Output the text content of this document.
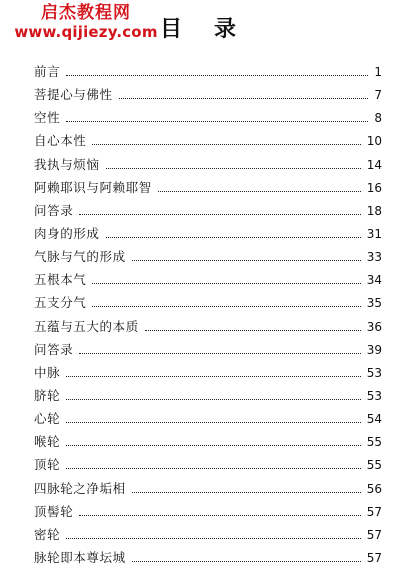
启杰教程网
www.qijiezy.com 目 录
前言	1
菩提心与佛性	7
空性	8
自心本性	10
我执与烦恼	14
阿赖耶识与阿赖耶智	16
问答录	18
肉身的形成	31
气脉与气的形成	33
五根本气	34
五支分气	35
五蕴与五大的本质	36
问答录	39
中脉	53
脐轮	53
心轮	54
喉轮	55
顶轮	55
四脉轮之净垢相	56
顶髻轮	57
密轮	57
脉轮即本尊坛城	57
